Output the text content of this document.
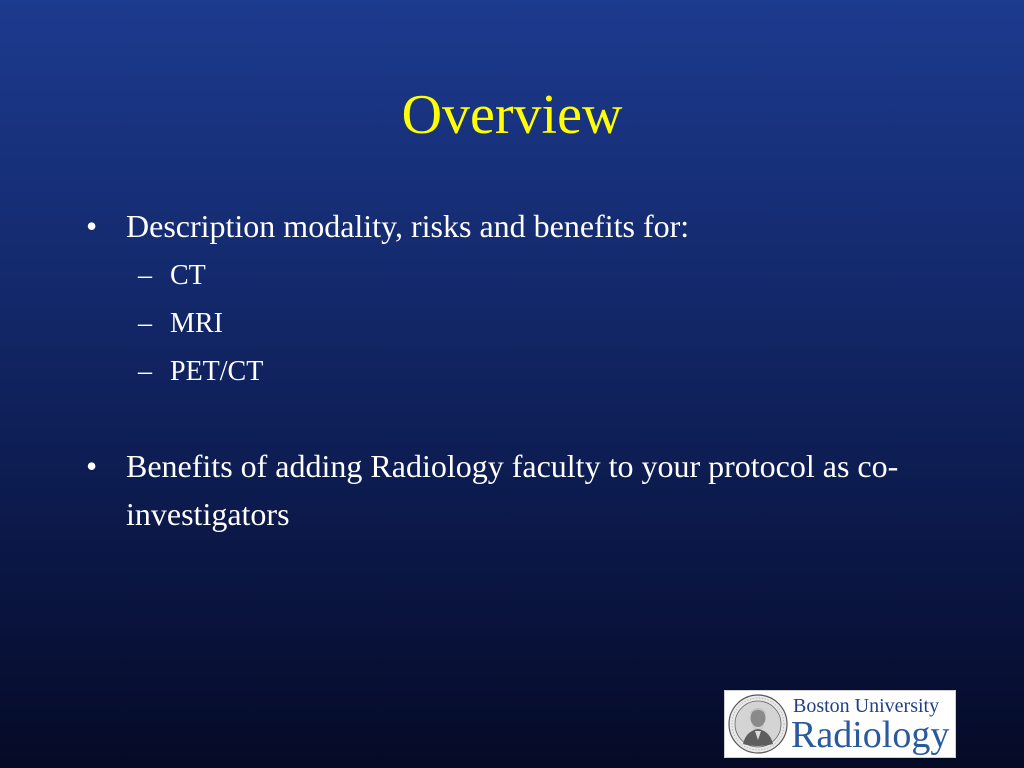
Overview
• Description modality, risks and benefits for:
– CT
– MRI
– PET/CT
• Benefits of adding Radiology faculty to your protocol as co-investigators
Boston University
Radiology
